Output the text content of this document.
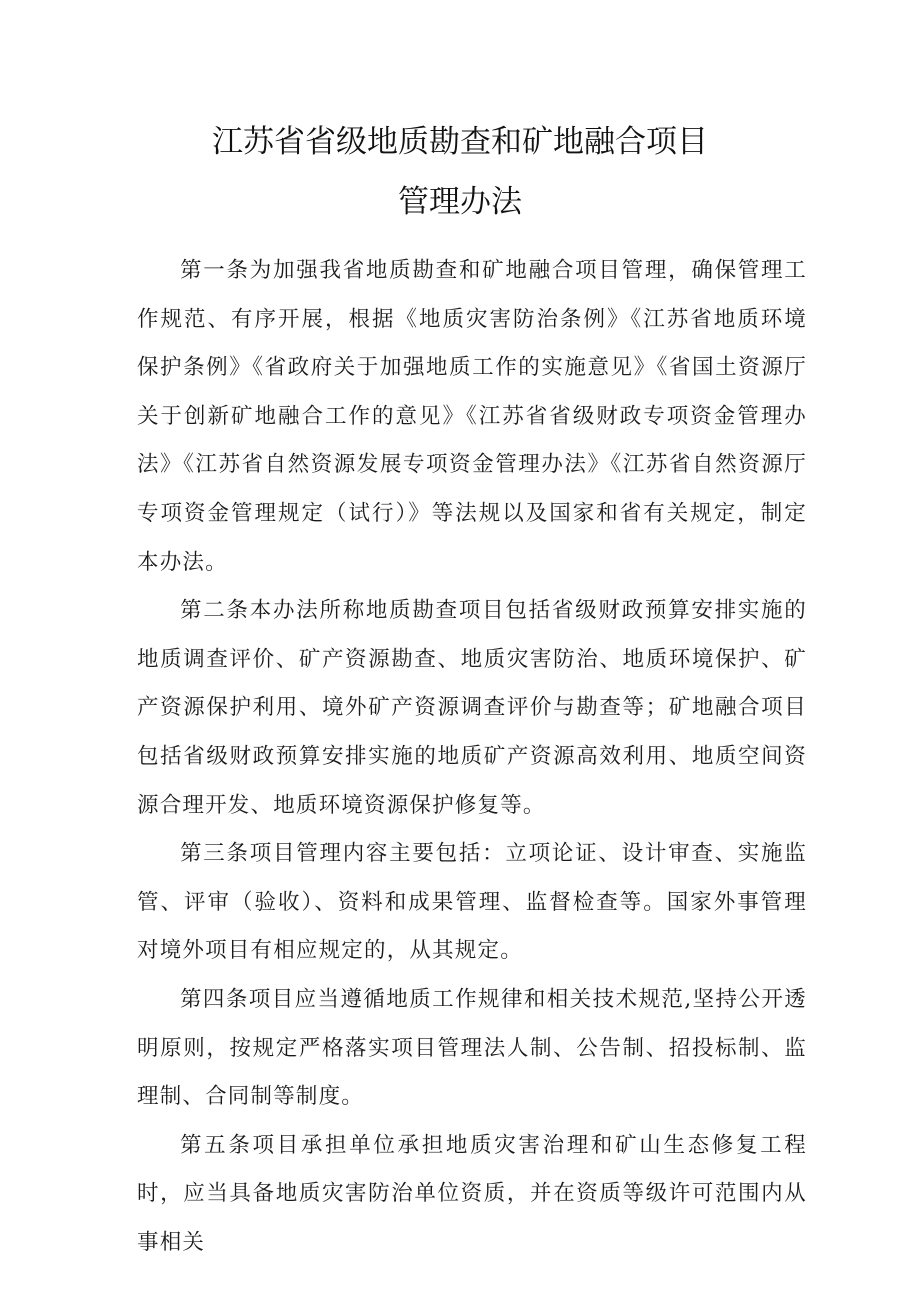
江苏省省级地质勘查和矿地融合项目
管理办法

第一条为加强我省地质勘查和矿地融合项目管理，确保管理工作规范、有序开展，根据《地质灾害防治条例》《江苏省地质环境保护条例》《省政府关于加强地质工作的实施意见》《省国土资源厅关于创新矿地融合工作的意见》《江苏省省级财政专项资金管理办法》《江苏省自然资源发展专项资金管理办法》《江苏省自然资源厅专项资金管理规定（试行）》等法规以及国家和省有关规定，制定本办法。

第二条本办法所称地质勘查项目包括省级财政预算安排实施的地质调查评价、矿产资源勘查、地质灾害防治、地质环境保护、矿产资源保护利用、境外矿产资源调查评价与勘查等；矿地融合项目包括省级财政预算安排实施的地质矿产资源高效利用、地质空间资源合理开发、地质环境资源保护修复等。

第三条项目管理内容主要包括：立项论证、设计审查、实施监管、评审（验收）、资料和成果管理、监督检查等。国家外事管理对境外项目有相应规定的，从其规定。

第四条项目应当遵循地质工作规律和相关技术规范,坚持公开透明原则，按规定严格落实项目管理法人制、公告制、招投标制、监理制、合同制等制度。

第五条项目承担单位承担地质灾害治理和矿山生态修复工程时，应当具备地质灾害防治单位资质，并在资质等级许可范围内从事相关
